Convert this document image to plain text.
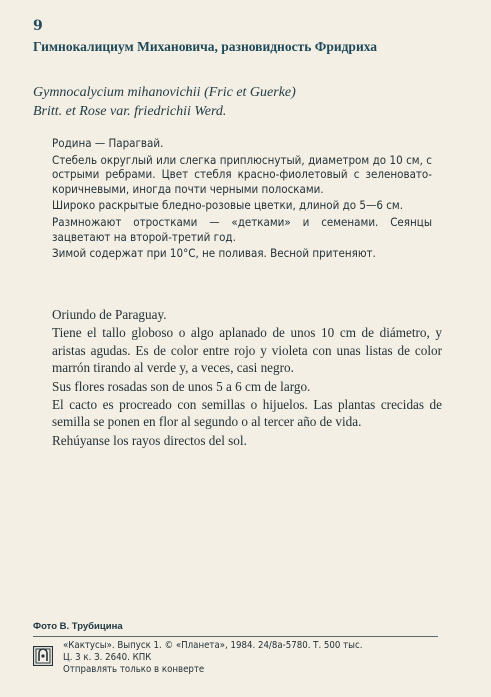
9
Гимнокалициум Михановича, разновидность Фридриха
Gymnocalycium mihanovichii (Fric et Guerke)
Britt. et Rose var. friedrichii Werd.

Родина — Парагвай.

Стебель округлый или слегка приплюснутый, диаметром до 10 см, с острыми ребрами. Цвет стебля красно-фиолетовый с зеленовато-коричневыми, иногда почти черными полосками.

Широко раскрытые бледно-розовые цветки, длиной до 5—6 см.

Размножают отростками — «детками» и семенами. Сеянцы зацветают на второй-третий год.

Зимой содержат при 10°С, не поливая. Весной притеняют.

Oriundo de Paraguay.

Tiene el tallo globoso o algo aplanado de unos 10 cm de diámetro, y aristas agudas. Es de color entre rojo y violeta con unas listas de color marrón tirando al verde y, a veces, casi negro.

Sus flores rosadas son de unos 5 a 6 cm de largo.

El cacto es procreado con semillas o hijuelos. Las plantas crecidas de semilla se ponen en flor al segundo o al tercer año de vida.

Rehúyanse los rayos directos del sol.

Фото В. Трубицина
«Кактусы». Выпуск 1. © «Планета», 1984. 24/8а-5780. Т. 500 тыс.
Ц. 3 к. З. 2640. КПК
Отправлять только в конверте
